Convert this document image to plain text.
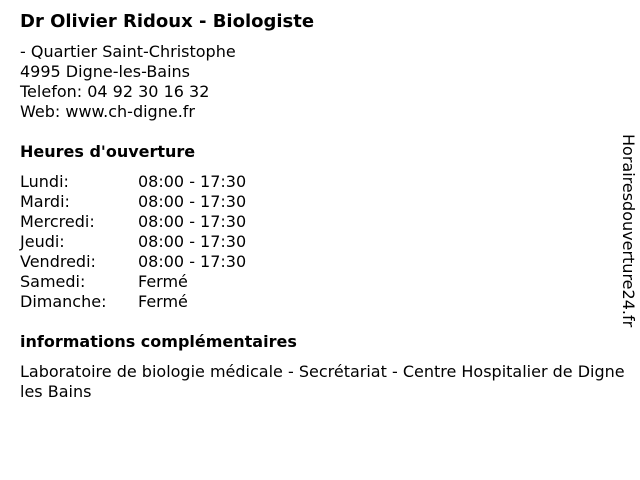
Dr Olivier Ridoux - Biologiste
- Quartier Saint-Christophe
4995 Digne-les-Bains
Telefon: 04 92 30 16 32
Web: www.ch-digne.fr
Heures d'ouverture
Lundi:	08:00 - 17:30
Mardi:	08:00 - 17:30
Mercredi:	08:00 - 17:30
Jeudi:	08:00 - 17:30
Vendredi:	08:00 - 17:30
Samedi:	Fermé
Dimanche: Fermé
informations complémentaires
Laboratoire de biologie médicale - Secrétariat - Centre Hospitalier de Digne les Bains
Horairesdouverture24.fr
